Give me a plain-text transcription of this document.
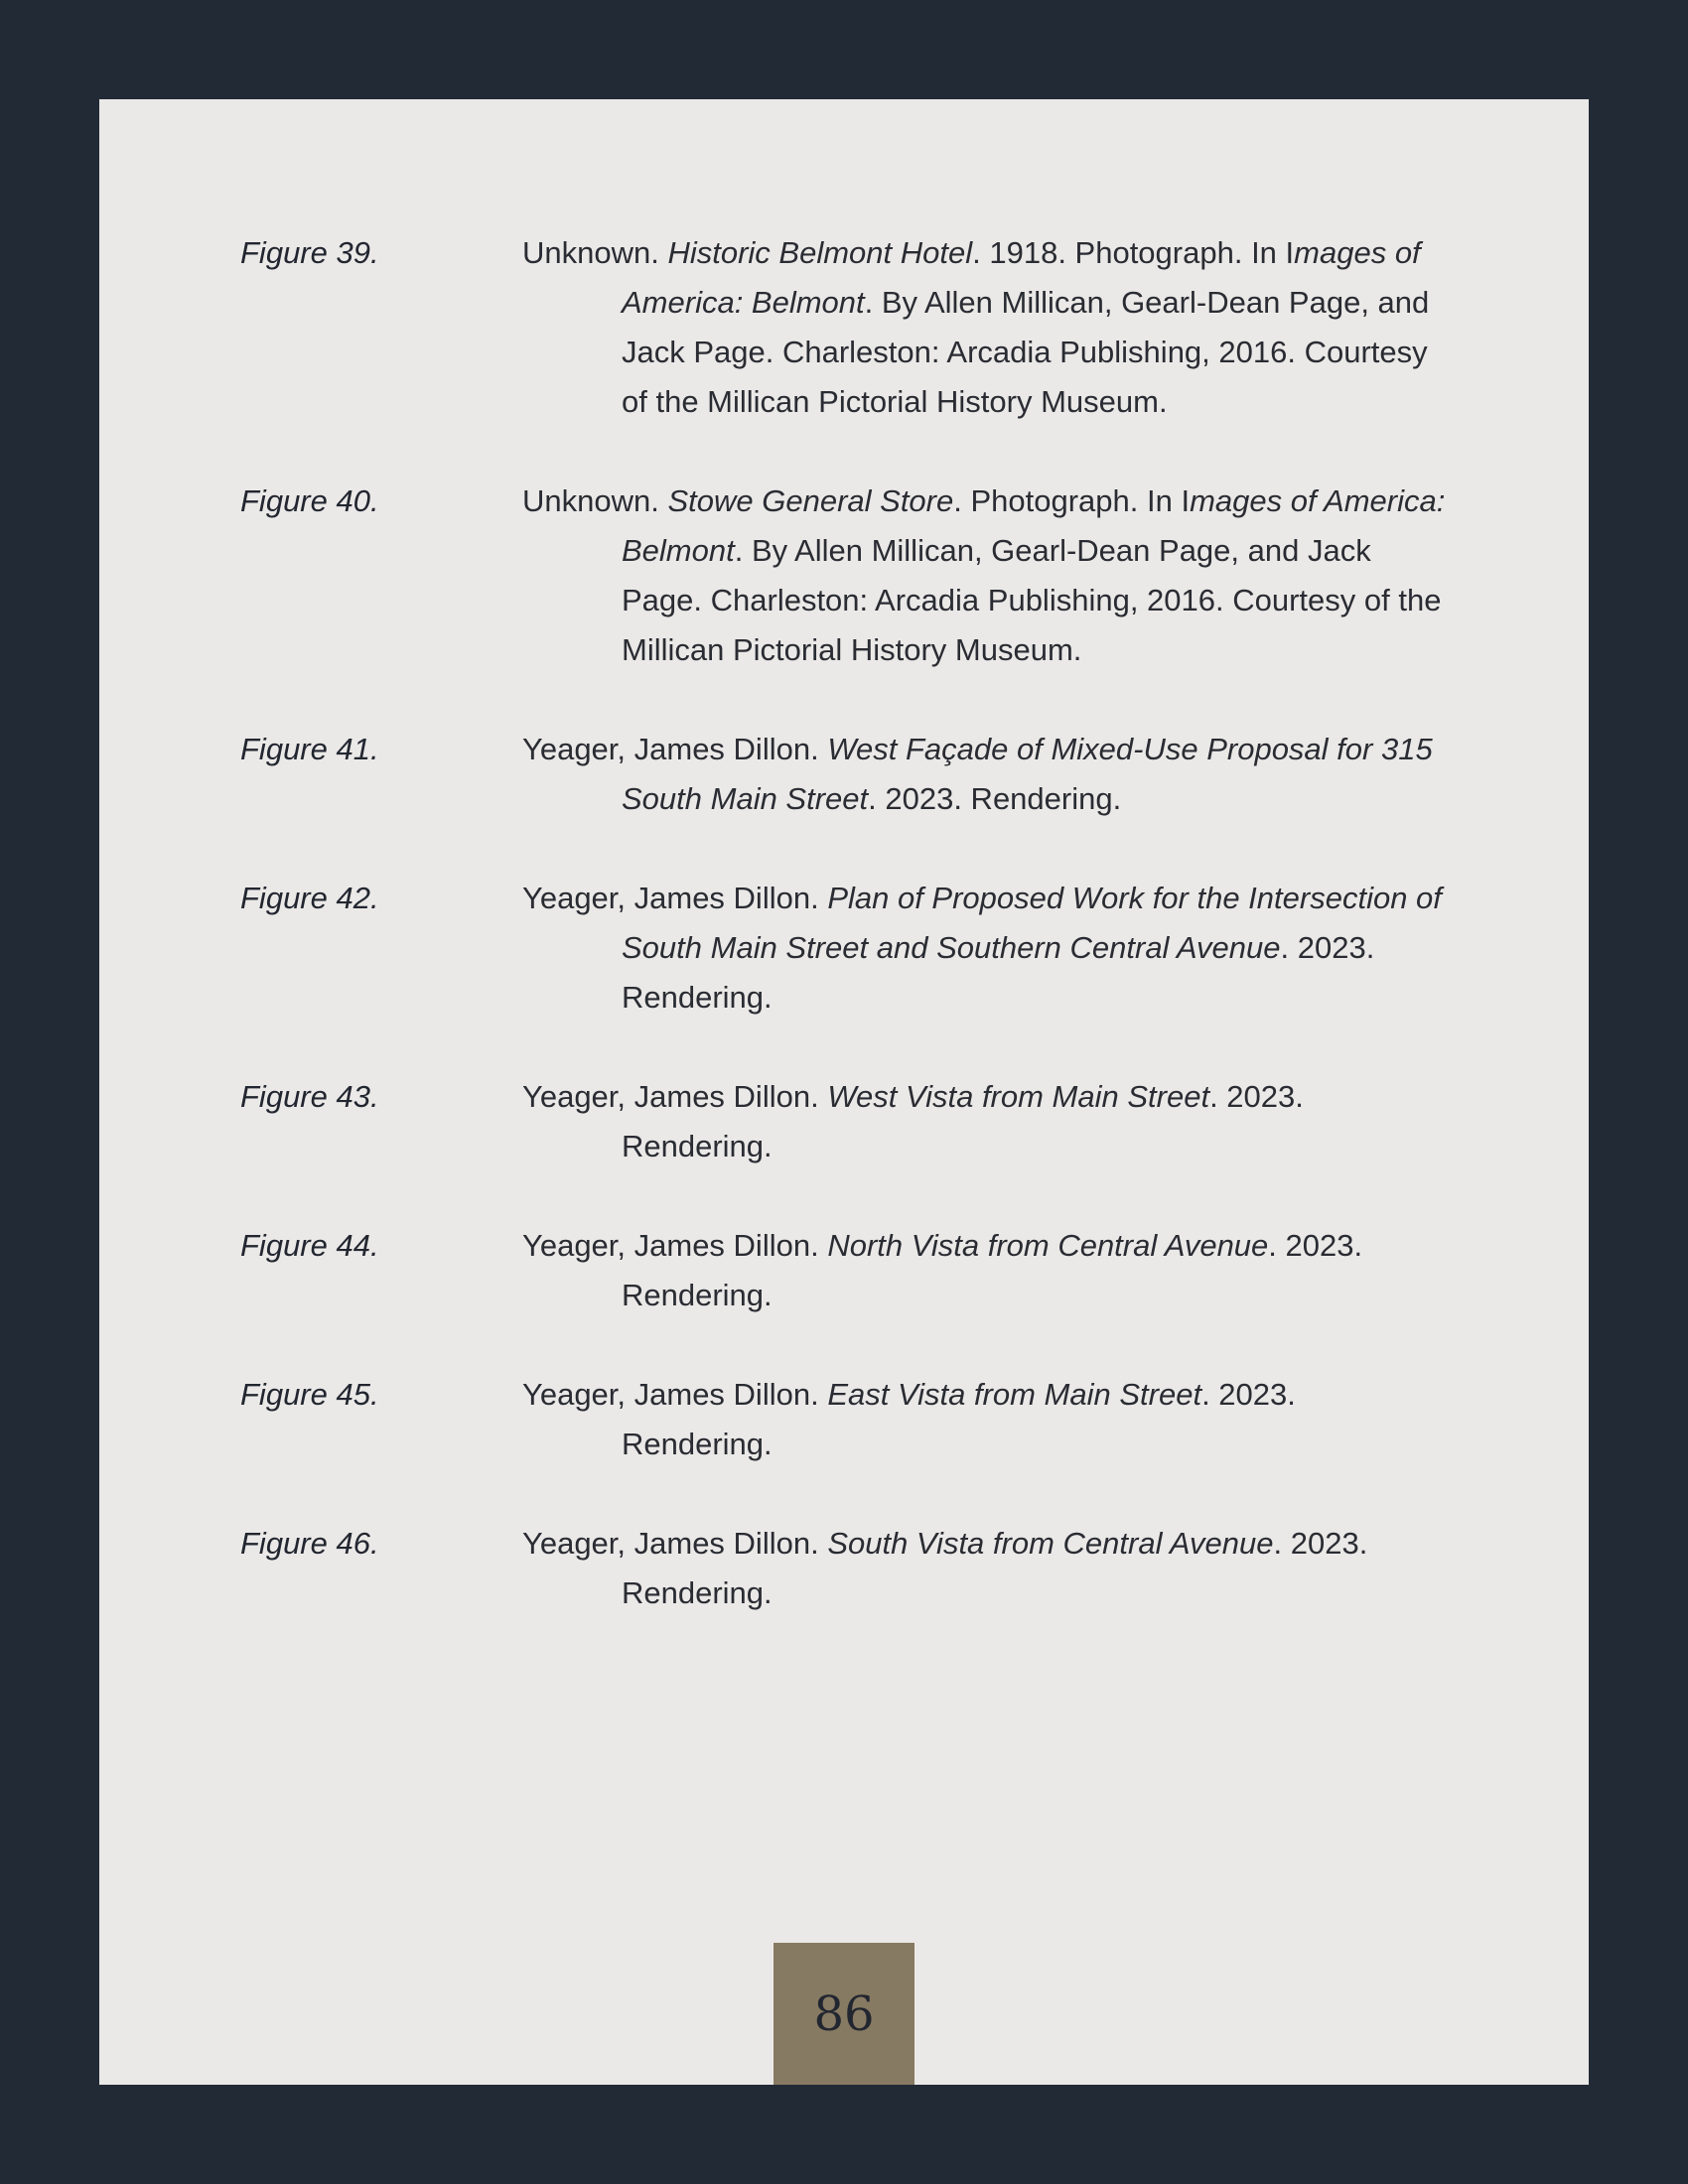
Figure 39.	Unknown. Historic Belmont Hotel. 1918. Photograph. In Images of America: Belmont. By Allen Millican, Gearl-Dean Page, and Jack Page. Charleston: Arcadia Publishing, 2016. Courtesy of the Millican Pictorial History Museum.
Figure 40.	Unknown. Stowe General Store. Photograph. In Images of America: Belmont. By Allen Millican, Gearl-Dean Page, and Jack Page. Charleston: Arcadia Publishing, 2016. Courtesy of the Millican Pictorial History Museum.
Figure 41.	Yeager, James Dillon. West Façade of Mixed-Use Proposal for 315 South Main Street. 2023. Rendering.
Figure 42.	Yeager, James Dillon. Plan of Proposed Work for the Intersection of South Main Street and Southern Central Avenue. 2023. Rendering.
Figure 43.	Yeager, James Dillon. West Vista from Main Street. 2023. Rendering.
Figure 44.	Yeager, James Dillon. North Vista from Central Avenue. 2023. Rendering.
Figure 45.	Yeager, James Dillon. East Vista from Main Street. 2023. Rendering.
Figure 46.	Yeager, James Dillon. South Vista from Central Avenue. 2023. Rendering.
86
